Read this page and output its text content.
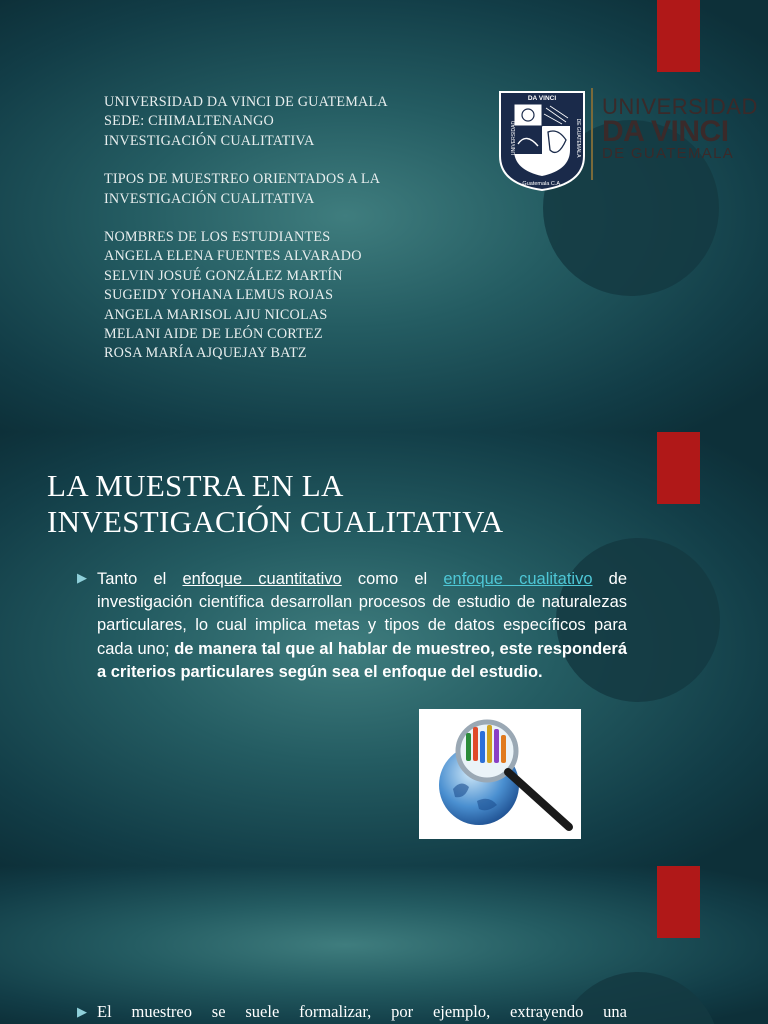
UNIVERSIDAD DA VINCI DE GUATEMALA
SEDE: CHIMALTENANGO
INVESTIGACIÓN CUALITATIVA
TIPOS DE MUESTREO ORIENTADOS A LA
INVESTIGACIÓN CUALITATIVA
NOMBRES DE LOS ESTUDIANTES
ANGELA ELENA FUENTES ALVARADO
SELVIN JOSUÉ GONZÁLEZ MARTÍN
SUGEIDY YOHANA LEMUS ROJAS
ANGELA MARISOL AJU NICOLAS
MELANI AIDE DE LEÓN CORTEZ
ROSA MARÍA AJQUEJAY BATZ
DA VINCI
Guatemala C.A.
UNIVERSIDAD	DE GUATEMALA
UNIVERSIDAD
DA VINCI
DE GUATEMALA
LA MUESTRA EN LA
INVESTIGACIÓN CUALITATIVA
▶ Tanto el enfoque cuantitativo como el enfoque cualitativo de investigación científica desarrollan procesos de estudio de naturalezas particulares, lo cual implica metas y tipos de datos específicos para cada uno; de manera tal que al hablar de muestreo, este responderá a criterios particulares según sea el enfoque del estudio.
▶ El muestreo se suele formalizar, por ejemplo, extrayendo una
